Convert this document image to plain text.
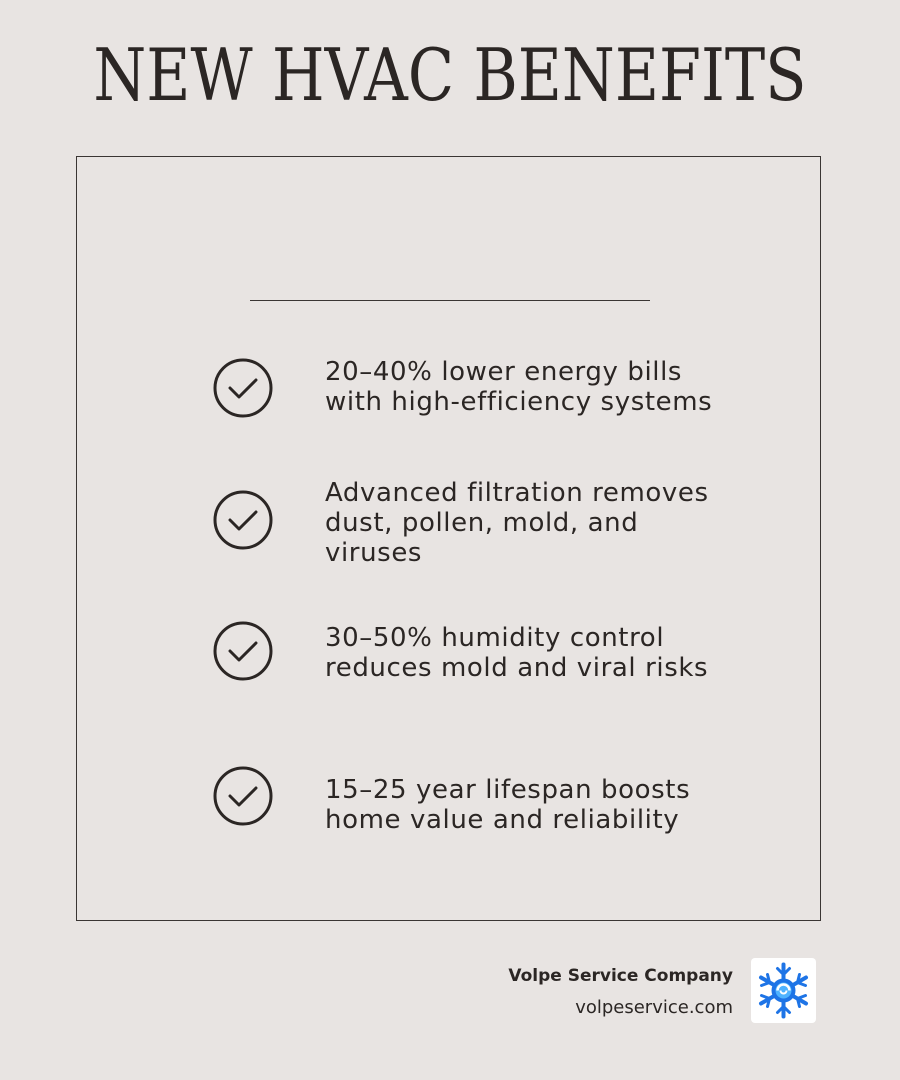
NEW HVAC BENEFITS
20–40% lower energy bills with high-efficiency systems
Advanced filtration removes dust, pollen, mold, and viruses
30–50% humidity control reduces mold and viral risks
15–25 year lifespan boosts home value and reliability
Volpe Service Company
volpeservice.com
